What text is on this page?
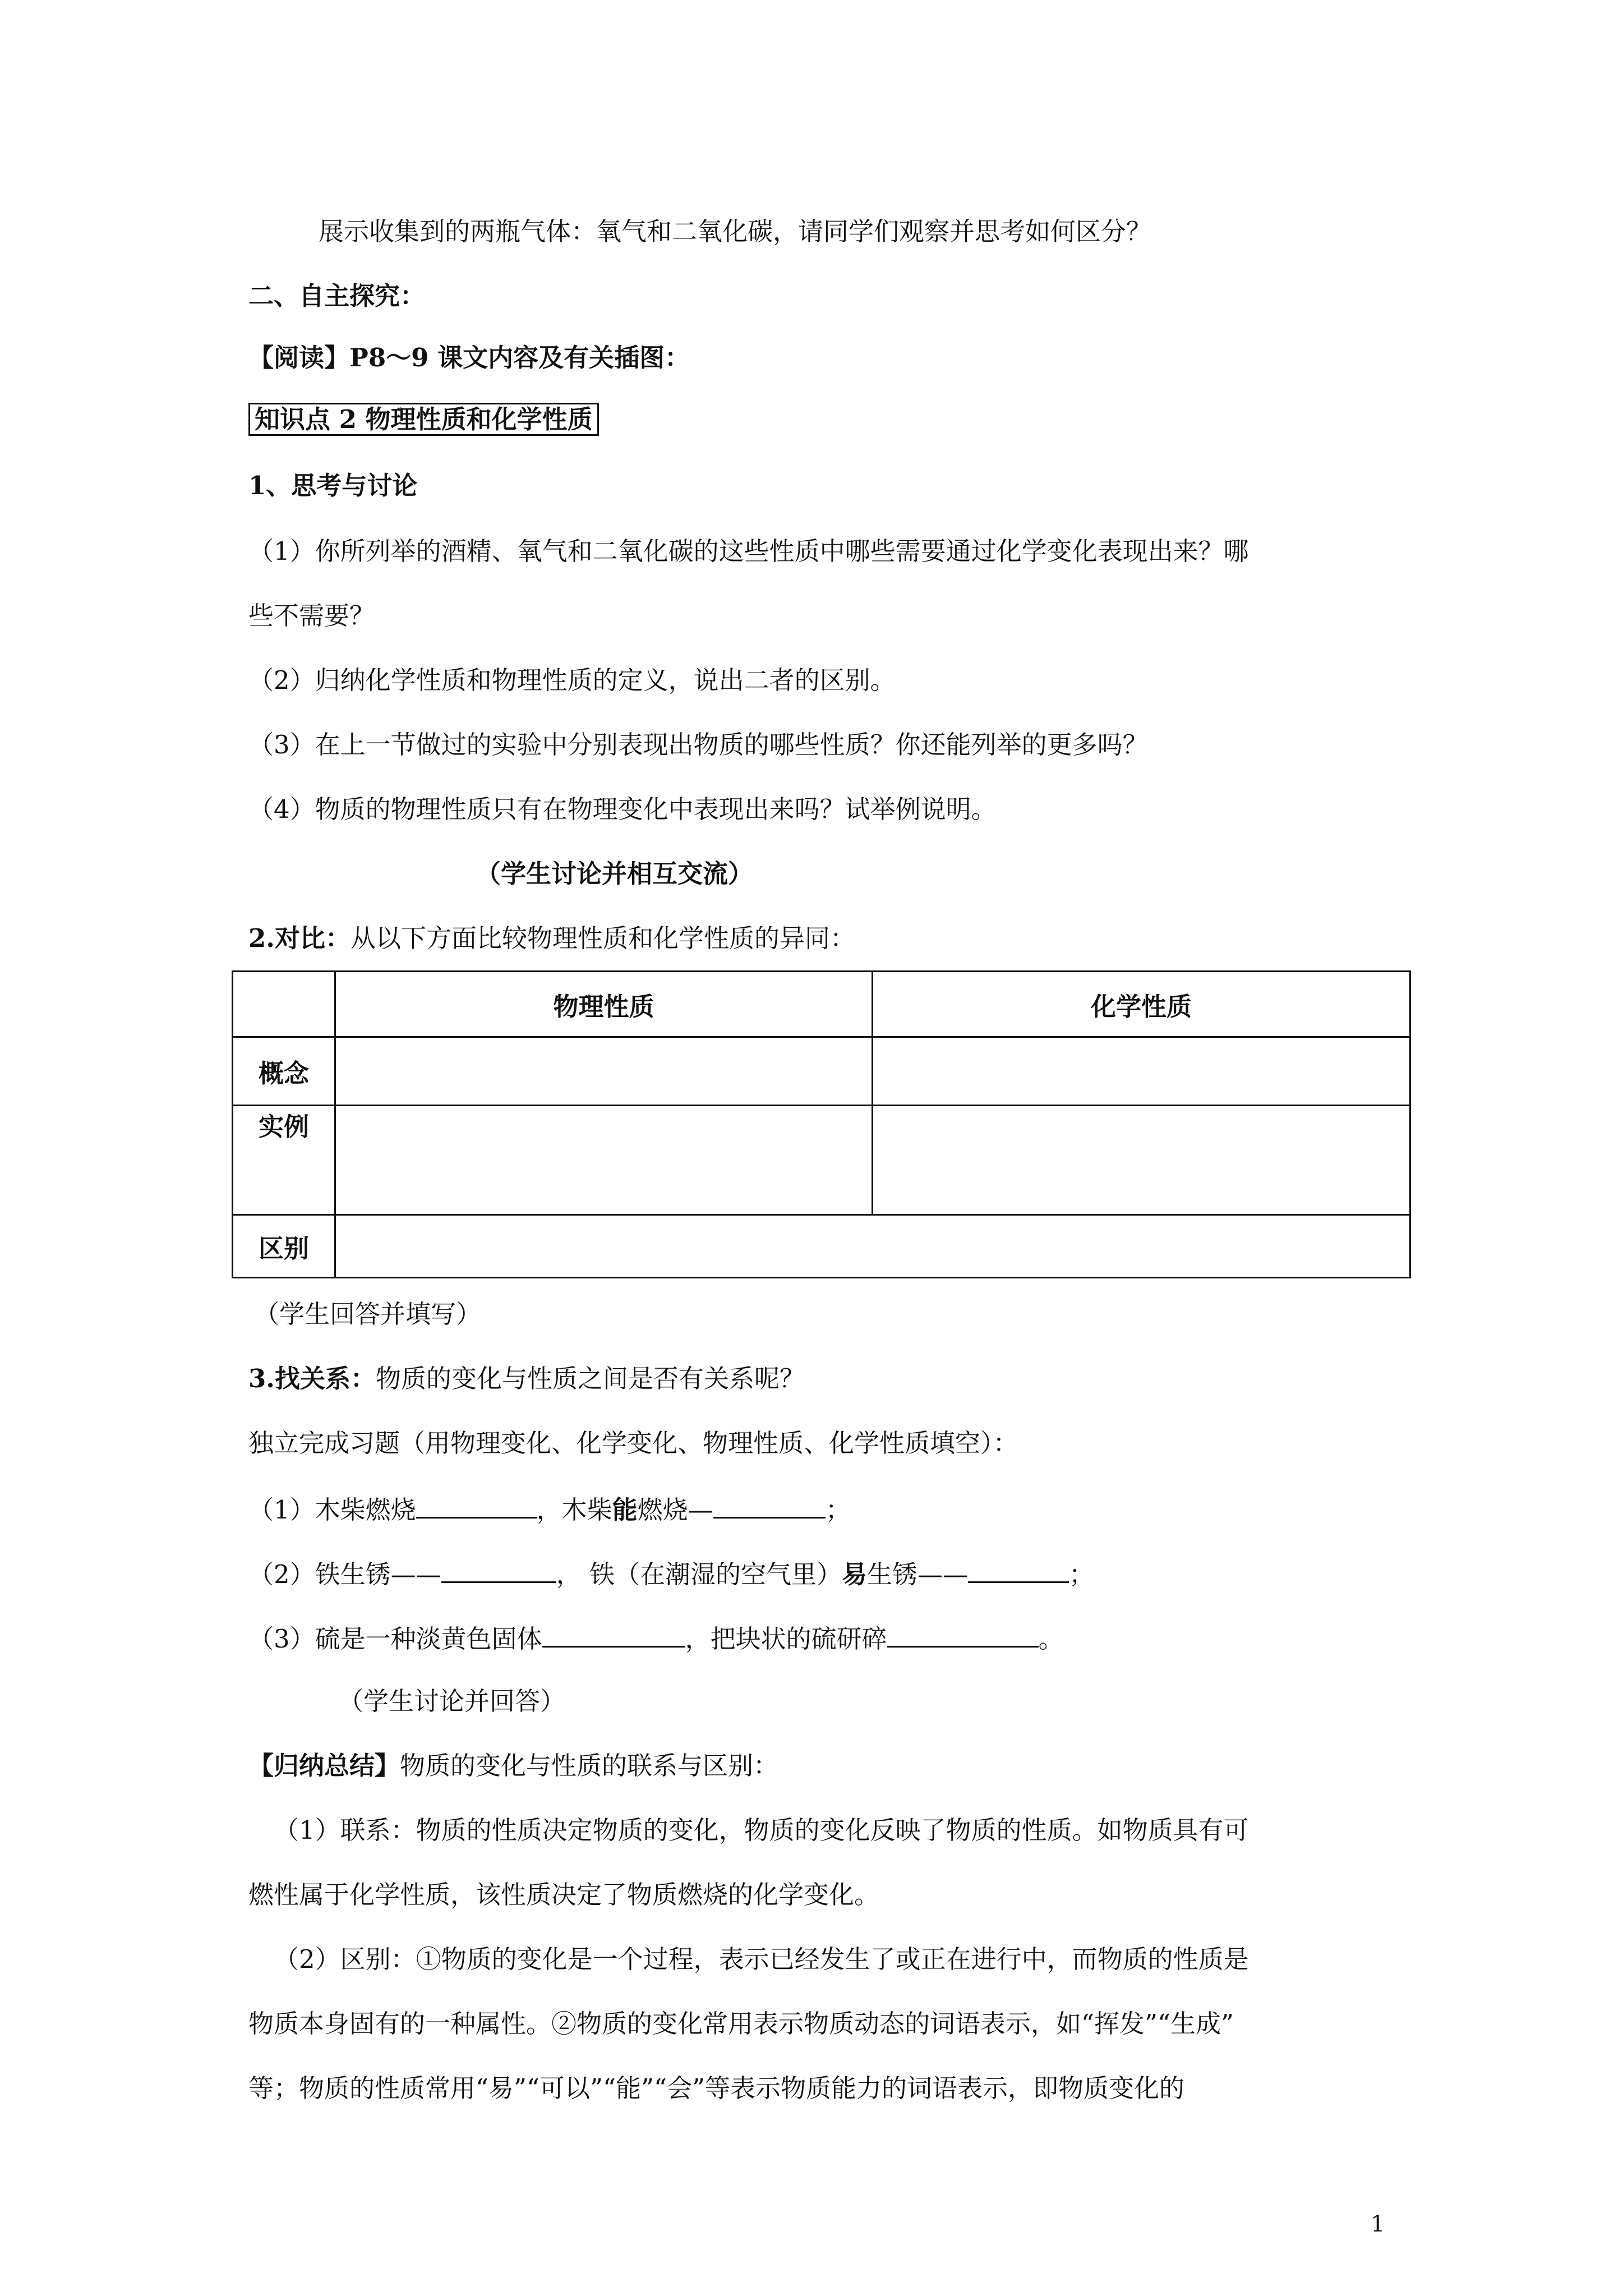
展示收集到的两瓶气体：氧气和二氧化碳，请同学们观察并思考如何区分？

二、自主探究：

【阅读】P8～9 课文内容及有关插图：

知识点 2 物理性质和化学性质

1、思考与讨论

（1）你所列举的酒精、氧气和二氧化碳的这些性质中哪些需要通过化学变化表现出来？哪

些不需要？

（2）归纳化学性质和物理性质的定义，说出二者的区别。

（3）在上一节做过的实验中分别表现出物质的哪些性质？你还能列举的更多吗？

（4）物质的物理性质只有在物理变化中表现出来吗？试举例说明。

（学生讨论并相互交流）

2.对比：从以下方面比较物理性质和化学性质的异同：

	物理性质	化学性质
概念		
实例		
区别		

（学生回答并填写）

3.找关系：物质的变化与性质之间是否有关系呢？

独立完成习题（用物理变化、化学变化、物理性质、化学性质填空）：

（1）木柴燃烧	，木柴能燃烧—	；

（2）铁生锈——	， 铁（在潮湿的空气里）易生锈——	；

（3）硫是一种淡黄色固体	，把块状的硫研碎	。

（学生讨论并回答）

【归纳总结】物质的变化与性质的联系与区别：

（1）联系：物质的性质决定物质的变化，物质的变化反映了物质的性质。如物质具有可

燃性属于化学性质，该性质决定了物质燃烧的化学变化。

（2）区别：①物质的变化是一个过程，表示已经发生了或正在进行中，而物质的性质是

物质本身固有的一种属性。②物质的变化常用表示物质动态的词语表示，如“挥发”“生成”

等；物质的性质常用“易”“可以”“能”“会”等表示物质能力的词语表示，即物质变化的

1
